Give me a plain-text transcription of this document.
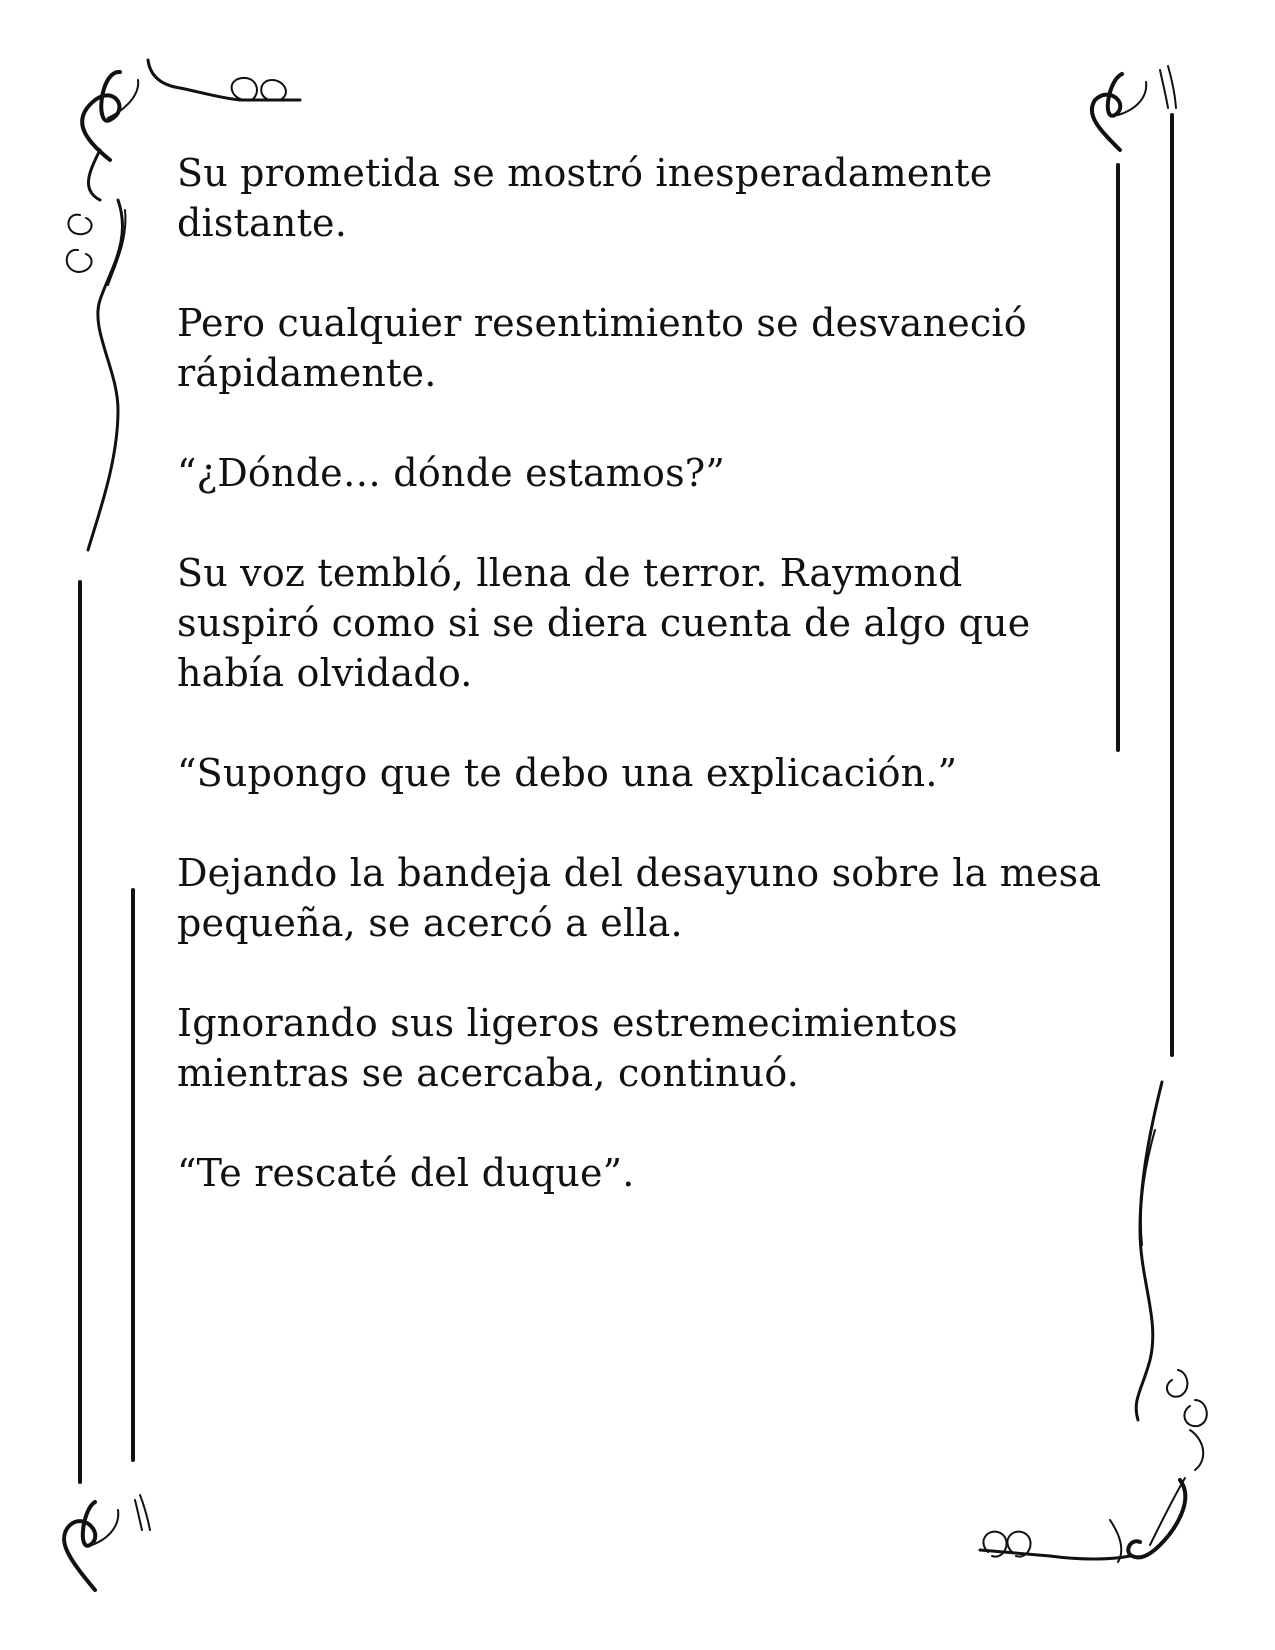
Su prometida se mostró inesperadamente
distante.

Pero cualquier resentimiento se desvaneció
rápidamente.

“¿Dónde… dónde estamos?”

Su voz tembló, llena de terror. Raymond
suspiró como si se diera cuenta de algo que
había olvidado.

“Supongo que te debo una explicación.”

Dejando la bandeja del desayuno sobre la mesa
pequeña, se acercó a ella.

Ignorando sus ligeros estremecimientos
mientras se acercaba, continuó.

“Te rescaté del duque”.
